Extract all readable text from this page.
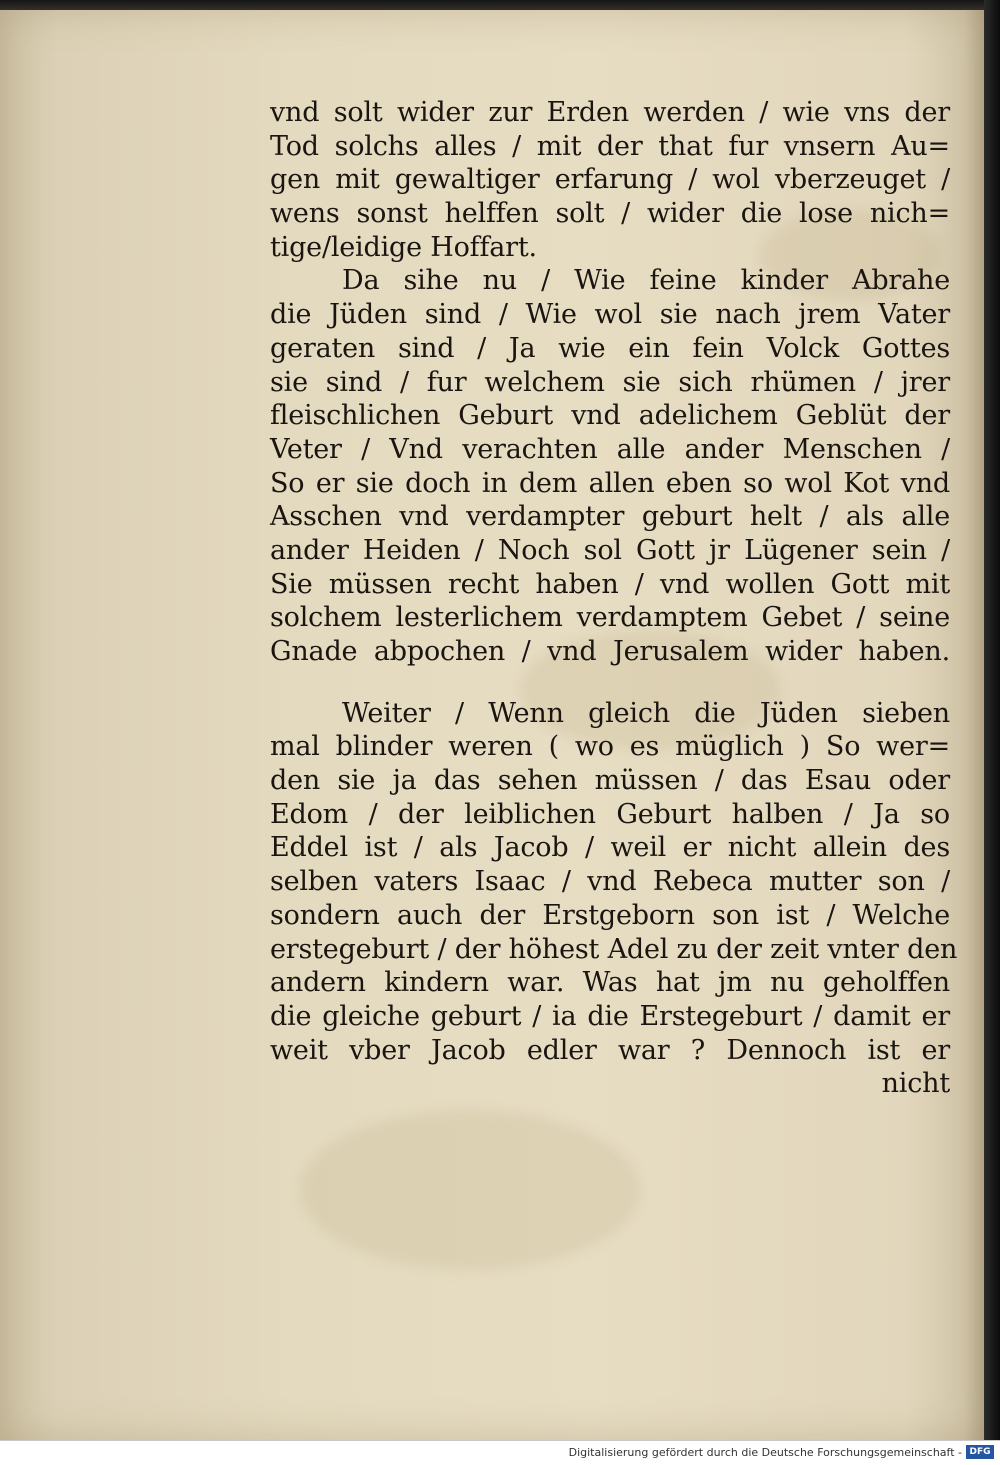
vnd solt wider zur Erden werden / wie vns der
Tod solchs alles / mit der that fur vnsern Au=
gen mit gewaltiger erfarung / wol vberzeuget /
wens sonst helffen solt / wider die lose nich=
tige/leidige Hoffart.
Da sihe nu / Wie feine kinder Abrahe
die Jüden sind / Wie wol sie nach jrem Vater
geraten sind / Ja wie ein fein Volck Gottes
sie sind / fur welchem sie sich rhümen / jrer
fleischlichen Geburt vnd adelichem Geblüt der
Veter / Vnd verachten alle ander Menschen /
So er sie doch in dem allen eben so wol Kot vnd
Asschen vnd verdampter geburt helt / als alle
ander Heiden / Noch sol Gott jr Lügener sein /
Sie müssen recht haben / vnd wollen Gott mit
solchem lesterlichem verdamptem Gebet / seine
Gnade abpochen / vnd Jerusalem wider haben.
Weiter / Wenn gleich die Jüden sieben
mal blinder weren ( wo es müglich ) So wer=
den sie ja das sehen müssen / das Esau oder
Edom / der leiblichen Geburt halben / Ja so
Eddel ist / als Jacob / weil er nicht allein des
selben vaters Isaac / vnd Rebeca mutter son /
sondern auch der Erstgeborn son ist / Welche
erstegeburt / der höhest Adel zu der zeit vnter den
andern kindern war. Was hat jm nu geholffen
die gleiche geburt / ia die Erstegeburt / damit er
weit vber Jacob edler war ? Dennoch ist er
nicht
Digitalisierung gefördert durch die Deutsche Forschungsgemeinschaft - DFG
